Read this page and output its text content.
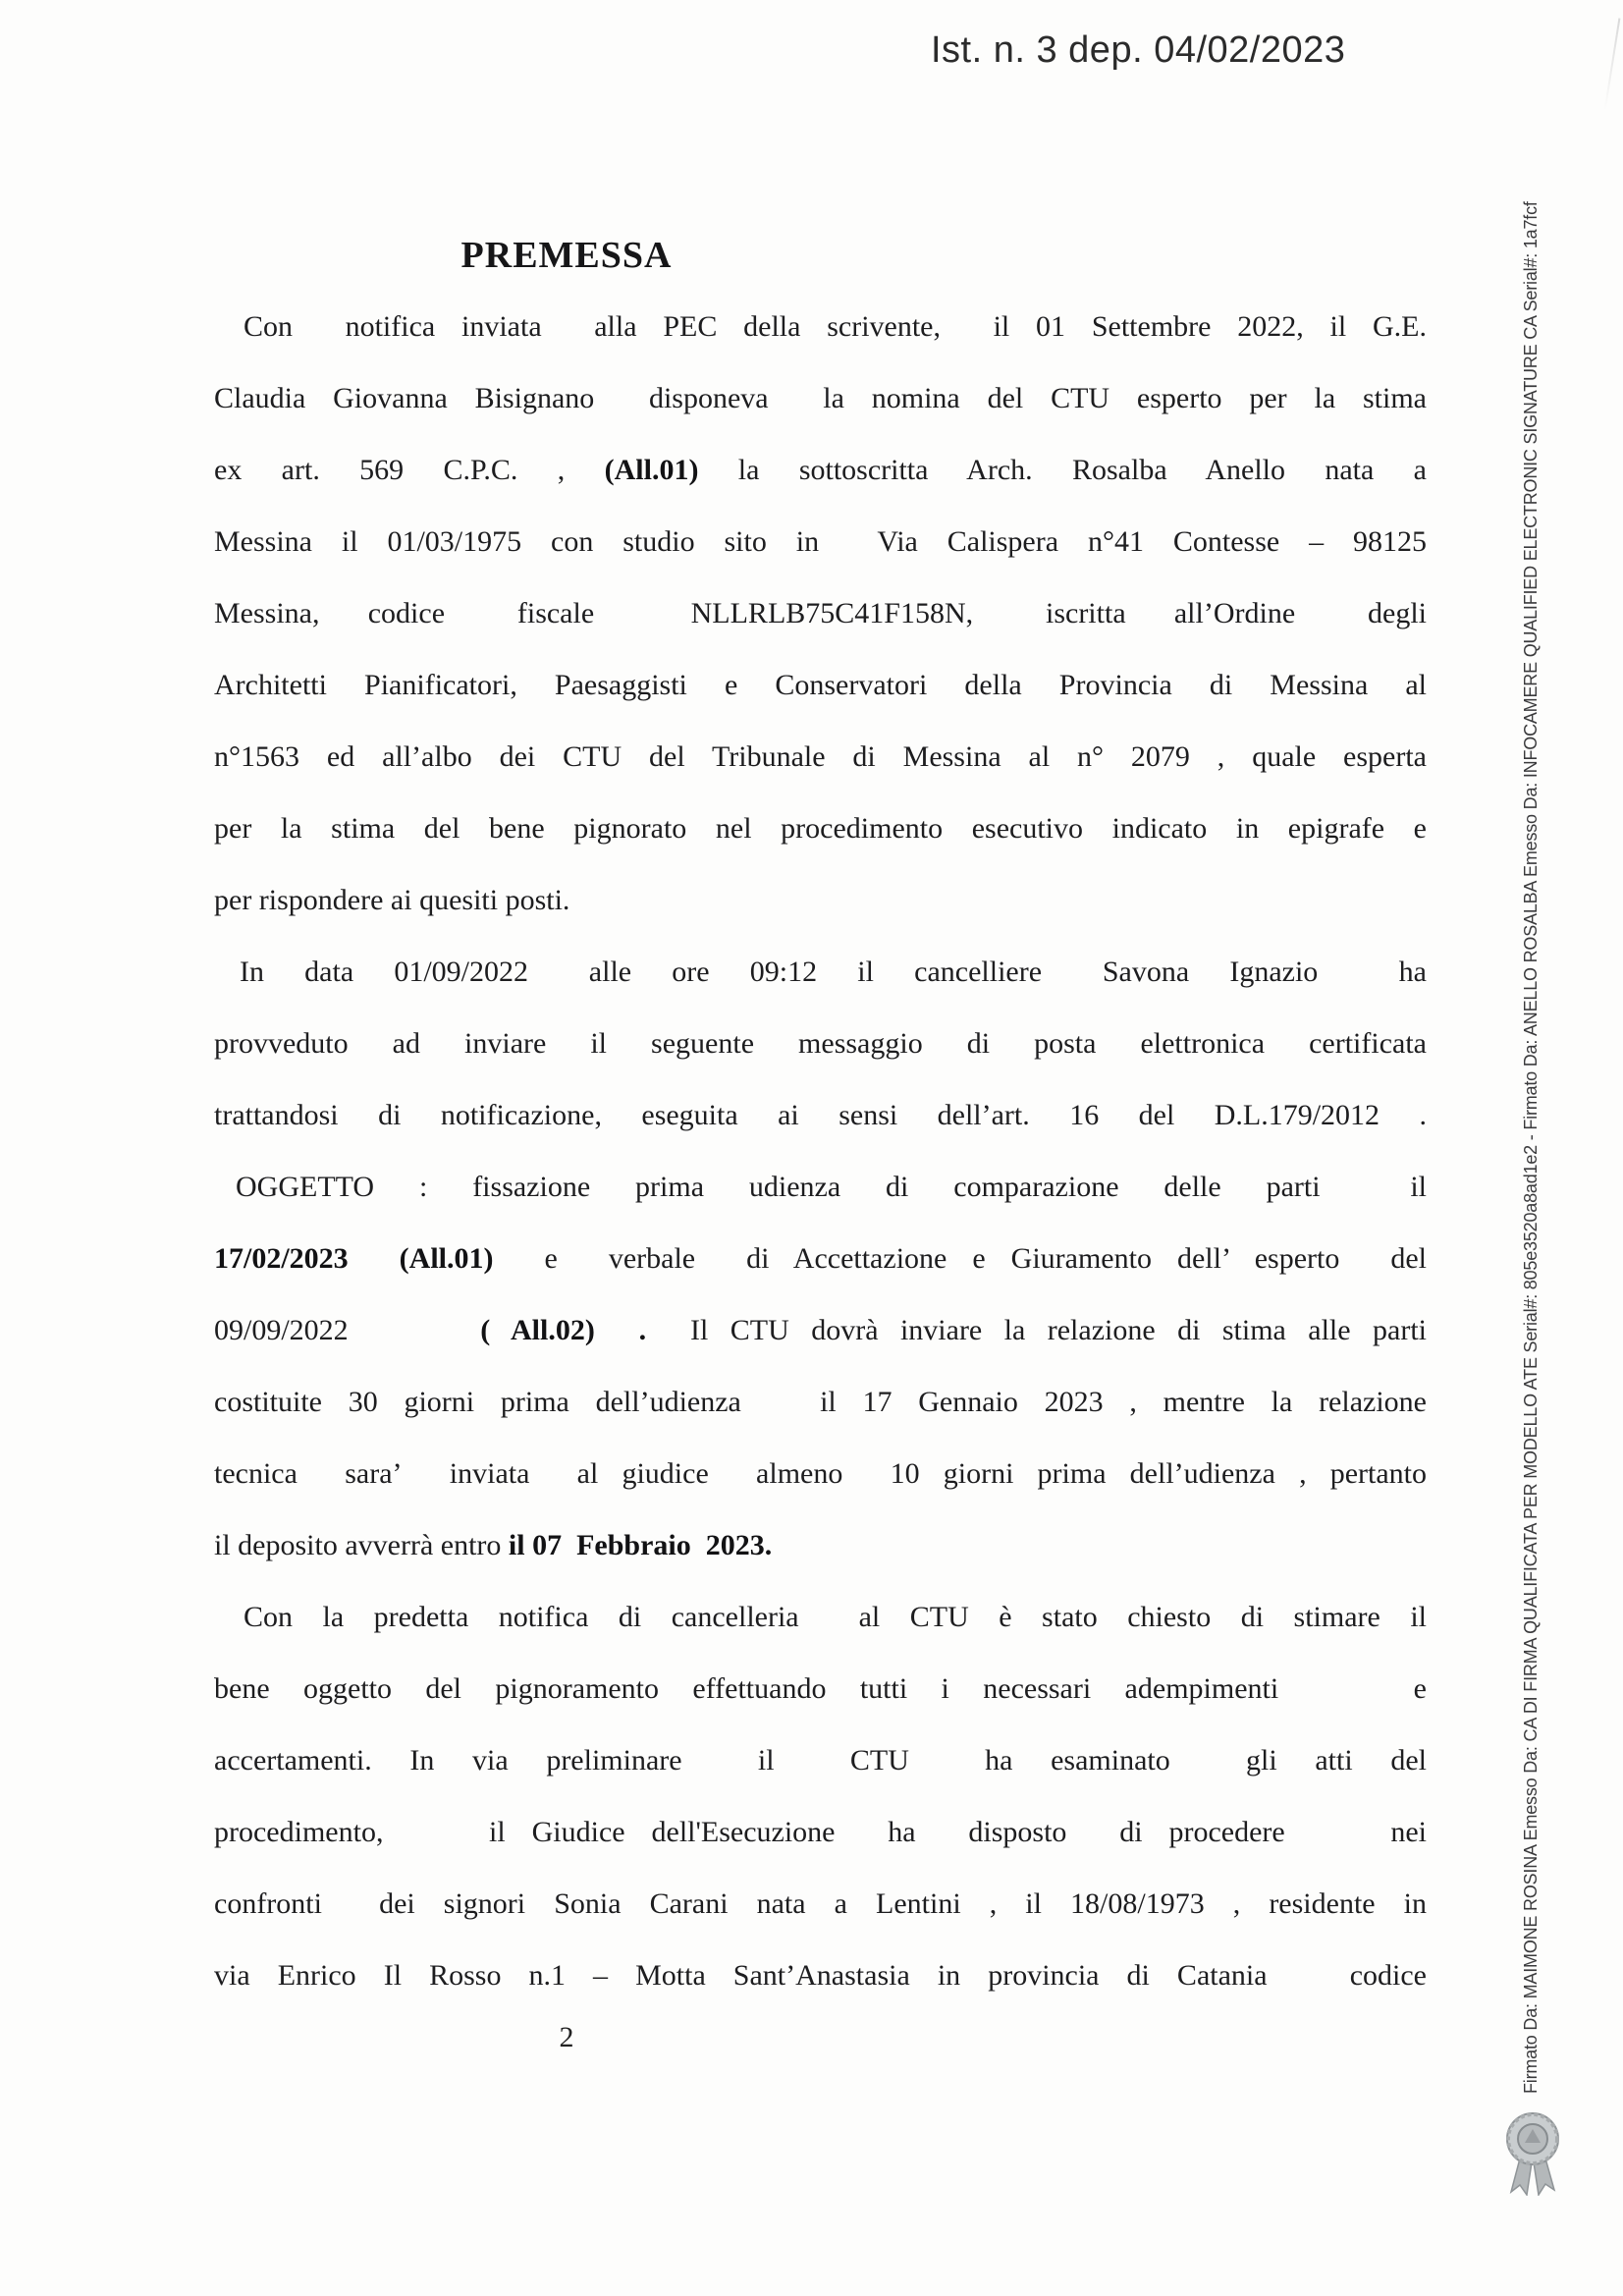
Ist. n. 3 dep. 04/02/2023
PREMESSA
Con  notifica inviata  alla PEC della scrivente,  il 01 Settembre 2022, il G.E.
Claudia Giovanna Bisignano  disponeva  la nomina del CTU esperto per la stima
ex  art.  569  C.P.C.  ,  (All.01)  la  sottoscritta  Arch.  Rosalba  Anello  nata  a
Messina il 01/03/1975 con studio sito in  Via Calispera n°41 Contesse – 98125
Messina,  codice   fiscale    NLLRLB75C41F158N,   iscritta  all’Ordine   degli
Architetti Pianificatori, Paesaggisti e Conservatori della Provincia di Messina al
n°1563 ed all’albo dei CTU del Tribunale di Messina al n° 2079 , quale esperta
per la stima del bene pignorato nel procedimento esecutivo indicato in epigrafe e
per rispondere ai quesiti posti.
In  data  01/09/2022   alle  ore  09:12  il  cancelliere   Savona  Ignazio    ha
provveduto  ad  inviare  il  seguente  messaggio  di  posta  elettronica  certificata
trattandosi di notificazione, eseguita ai sensi dell’art. 16 del D.L.179/2012 .
OGGETTO  :  fissazione  prima  udienza  di  comparazione  delle  parti    il
17/02/2023  (All.01)  e  verbale  di Accettazione e Giuramento dell’ esperto  del
09/09/2022      ( All.02)  .  Il CTU dovrà inviare la relazione di stima alle parti
costituite 30 giorni prima dell’udienza   il 17 Gennaio 2023 , mentre la relazione
tecnica  sara’  inviata  al giudice  almeno  10 giorni prima dell’udienza , pertanto
il deposito avverrà entro il 07  Febbraio  2023.
Con la predetta notifica di cancelleria  al CTU è stato chiesto di stimare il
bene oggetto del pignoramento effettuando tutti i necessari adempimenti    e
accertamenti.  In  via  preliminare    il    CTU    ha  esaminato    gli  atti  del
procedimento,    il Giudice dell'Esecuzione  ha  disposto  di procedere    nei
confronti  dei signori Sonia Carani nata a Lentini , il 18/08/1973 , residente in
via Enrico Il Rosso n.1 – Motta Sant’Anastasia in provincia di Catania   codice
2	Firmato Da: MAIMONE ROSINA Emesso Da: CA DI FIRMA QUALIFICATA PER MODELLO ATE Serial#: 805e3520a8ad1e2 - Firmato Da: ANELLO ROSALBA Emesso Da: INFOCAMERE QUALIFIED ELECTRONIC SIGNATURE CA Serial#: 1a7fcf
